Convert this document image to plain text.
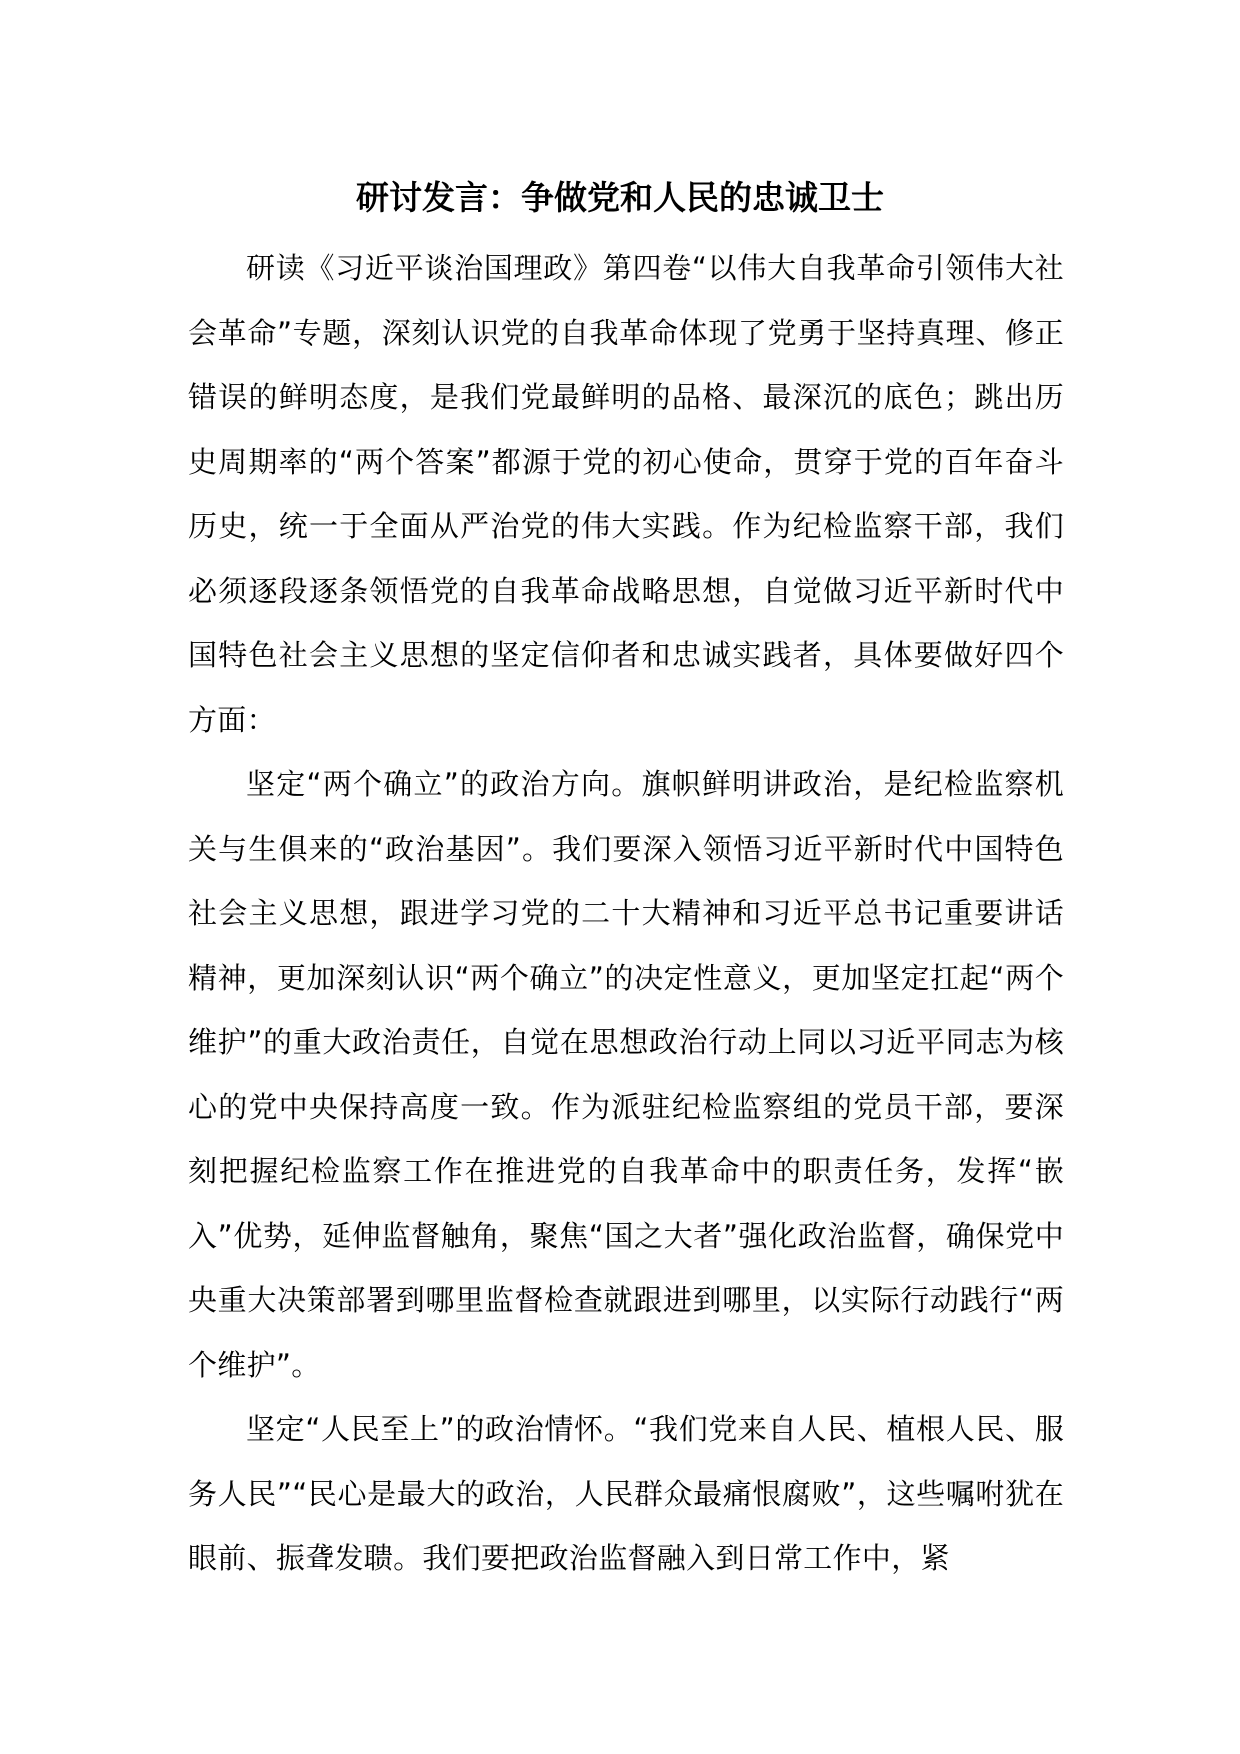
研讨发言：争做党和人民的忠诚卫士

研读《习近平谈治国理政》第四卷“以伟大自我革命引领伟大社会革命”专题，深刻认识党的自我革命体现了党勇于坚持真理、修正错误的鲜明态度，是我们党最鲜明的品格、最深沉的底色；跳出历史周期率的“两个答案”都源于党的初心使命，贯穿于党的百年奋斗历史，统一于全面从严治党的伟大实践。作为纪检监察干部，我们必须逐段逐条领悟党的自我革命战略思想，自觉做习近平新时代中国特色社会主义思想的坚定信仰者和忠诚实践者，具体要做好四个方面：

坚定“两个确立”的政治方向。旗帜鲜明讲政治，是纪检监察机关与生俱来的“政治基因”。我们要深入领悟习近平新时代中国特色社会主义思想，跟进学习党的二十大精神和习近平总书记重要讲话精神，更加深刻认识“两个确立”的决定性意义，更加坚定扛起“两个维护”的重大政治责任，自觉在思想政治行动上同以习近平同志为核心的党中央保持高度一致。作为派驻纪检监察组的党员干部，要深刻把握纪检监察工作在推进党的自我革命中的职责任务，发挥“嵌入”优势，延伸监督触角，聚焦“国之大者”强化政治监督，确保党中央重大决策部署到哪里监督检查就跟进到哪里，以实际行动践行“两个维护”。

坚定“人民至上”的政治情怀。“我们党来自人民、植根人民、服务人民”“民心是最大的政治，人民群众最痛恨腐败”，这些嘱咐犹在眼前、振聋发聩。我们要把政治监督融入到日常工作中，紧
